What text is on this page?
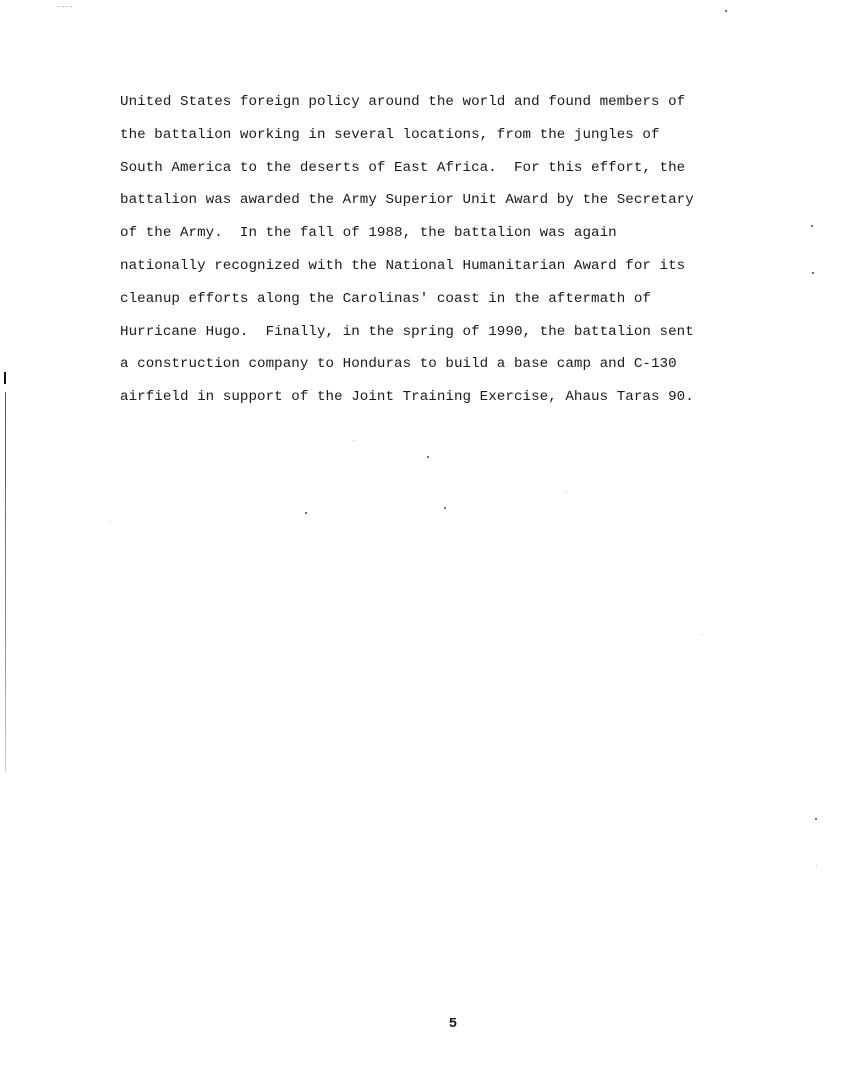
United States foreign policy around the world and found members of
the battalion working in several locations, from the jungles of
South America to the deserts of East Africa.  For this effort, the
battalion was awarded the Army Superior Unit Award by the Secretary
of the Army.  In the fall of 1988, the battalion was again
nationally recognized with the National Humanitarian Award for its
cleanup efforts along the Carolinas' coast in the aftermath of
Hurricane Hugo.  Finally, in the spring of 1990, the battalion sent
a construction company to Honduras to build a base camp and C-130
airfield in support of the Joint Training Exercise, Ahaus Taras 90.
5
